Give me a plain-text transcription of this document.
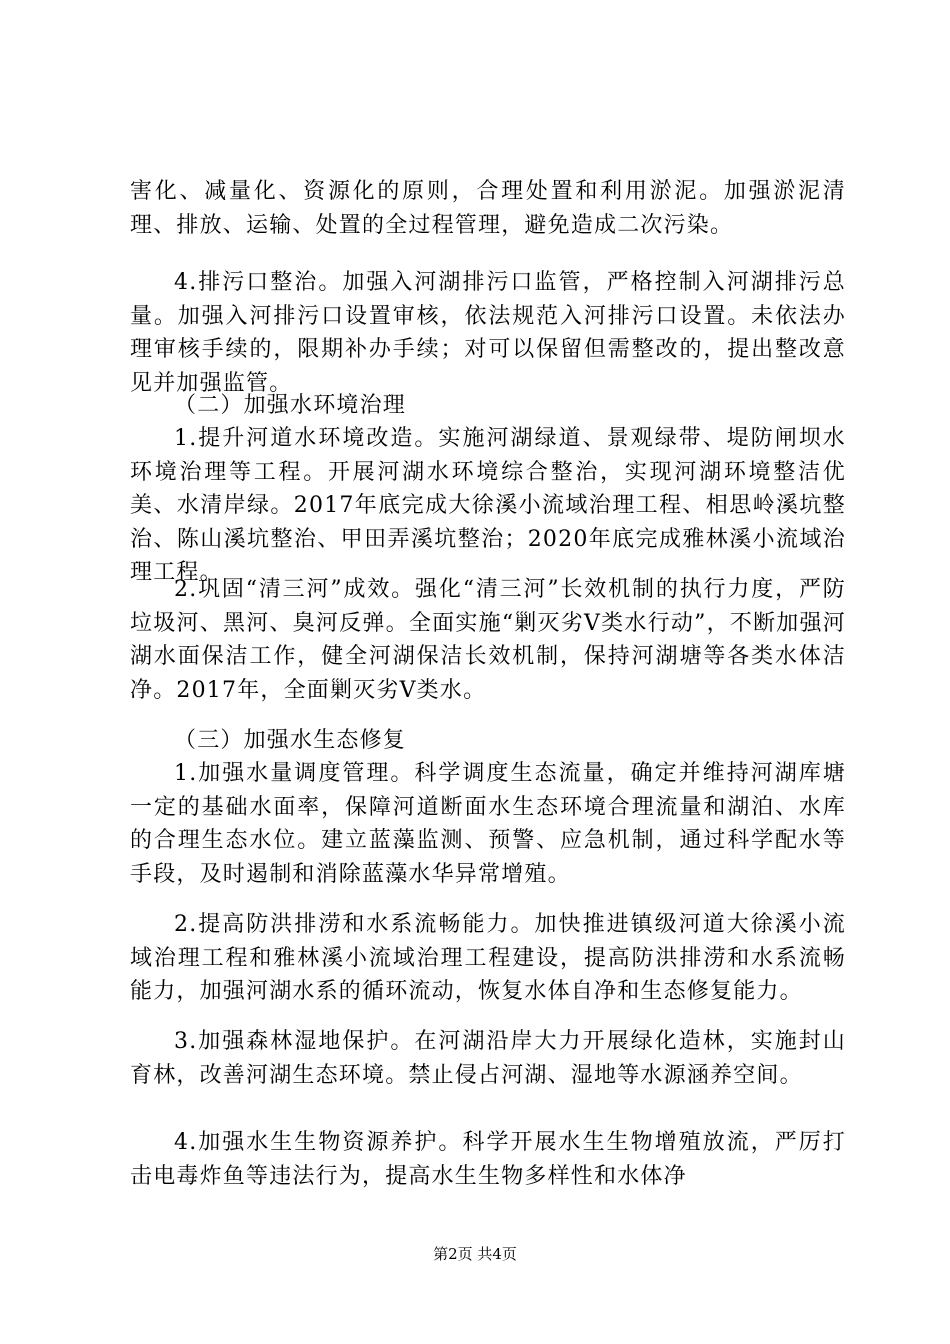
害化、减量化、资源化的原则，合理处置和利用淤泥。加强淤泥清理、排放、运输、处置的全过程管理，避免造成二次污染。

4.排污口整治。加强入河湖排污口监管，严格控制入河湖排污总量。加强入河排污口设置审核，依法规范入河排污口设置。未依法办理审核手续的，限期补办手续；对可以保留但需整改的，提出整改意见并加强监管。

（二）加强水环境治理

1.提升河道水环境改造。实施河湖绿道、景观绿带、堤防闸坝水环境治理等工程。开展河湖水环境综合整治，实现河湖环境整洁优美、水清岸绿。2017年底完成大徐溪小流域治理工程、相思岭溪坑整治、陈山溪坑整治、甲田弄溪坑整治；2020年底完成雅林溪小流域治理工程。

2.巩固“清三河”成效。强化“清三河”长效机制的执行力度，严防垃圾河、黑河、臭河反弹。全面实施“剿灭劣Ⅴ类水行动”，不断加强河湖水面保洁工作，健全河湖保洁长效机制，保持河湖塘等各类水体洁净。2017年，全面剿灭劣Ⅴ类水。

（三）加强水生态修复

1.加强水量调度管理。科学调度生态流量，确定并维持河湖库塘一定的基础水面率，保障河道断面水生态环境合理流量和湖泊、水库的合理生态水位。建立蓝藻监测、预警、应急机制，通过科学配水等手段，及时遏制和消除蓝藻水华异常增殖。

2.提高防洪排涝和水系流畅能力。加快推进镇级河道大徐溪小流域治理工程和雅林溪小流域治理工程建设，提高防洪排涝和水系流畅能力，加强河湖水系的循环流动，恢复水体自净和生态修复能力。

3.加强森林湿地保护。在河湖沿岸大力开展绿化造林，实施封山育林，改善河湖生态环境。禁止侵占河湖、湿地等水源涵养空间。

4.加强水生生物资源养护。科学开展水生生物增殖放流，严厉打击电毒炸鱼等违法行为，提高水生生物多样性和水体净

第2页 共4页
